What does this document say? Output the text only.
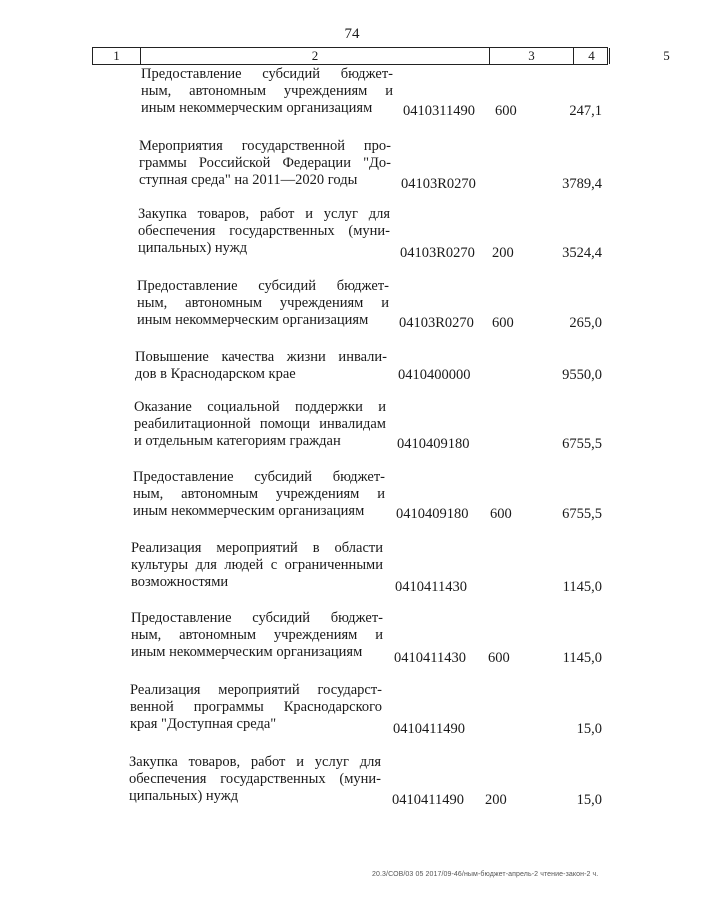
74
1	2	3	4	5
Предоставление субсидий бюджет-
ным, автономным учреждениям и
иным некоммерческим организациям	0410311490 600	247,1
Мероприятия государственной про-
граммы Российской Федерации "До-
ступная среда" на 2011—2020 годы	04103R0270	3789,4
Закупка товаров, работ и услуг для
обеспечения государственных (муни-
ципальных) нужд	04103R0270 200	3524,4
Предоставление субсидий бюджет-
ным, автономным учреждениям и
иным некоммерческим организациям	04103R0270 600	265,0
Повышение качества жизни инвали-
дов в Краснодарском крае	0410400000	9550,0
Оказание социальной поддержки и
реабилитационной помощи инвалидам
и отдельным категориям граждан	0410409180	6755,5
Предоставление субсидий бюджет-
ным, автономным учреждениям и
иным некоммерческим организациям	0410409180 600	6755,5
Реализация мероприятий в области
культуры для людей с ограниченными
возможностями	0410411430	1145,0
Предоставление субсидий бюджет-
ным, автономным учреждениям и
иным некоммерческим организациям	0410411430 600	1145,0
Реализация мероприятий государст-
венной программы Краснодарского
края "Доступная среда"	0410411490	15,0
Закупка товаров, работ и услуг для
обеспечения государственных (муни-
ципальных) нужд	0410411490 200	15,0
20.3/СОВ/03 05 2017/09-46/ным-бюджет-апрель-2 чтение-закон-2 ч.
